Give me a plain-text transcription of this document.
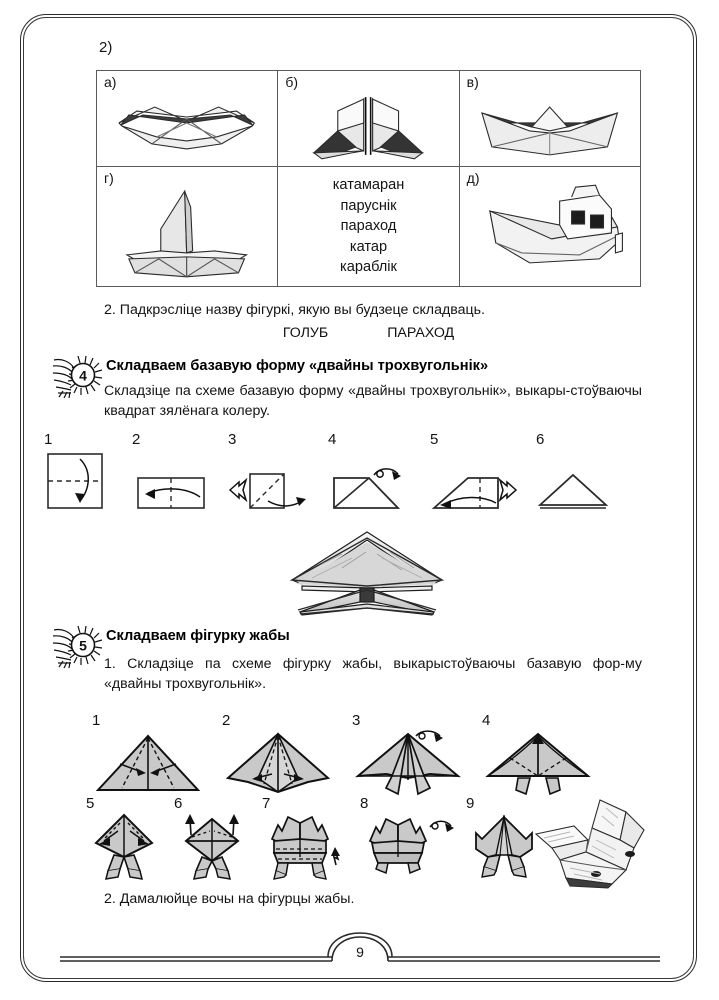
2)
а)	б)	в)

г)	катамаран
паруснік
параход
катар
караблік	д)
2. Падкрэсліце назву фігуркі, якую вы будзеце складваць.
ГОЛУБ	ПАРАХОД
4
Складваем базавую форму «двайны трохвугольнік»
Складзіце па схеме базавую форму «двайны трохвугольнік», выкары-стоўваючы квадрат зялёнага колеру.
1	2	3	4	5	6
5
Складваем фігурку жабы
1. Складзіце па схеме фігурку жабы, выкарыстоўваючы базавую фор-му «двайны трохвугольнік».
1	2	3	4
5	6	7	8	9
2. Дамалюйце вочы на фігурцы жабы.
9
